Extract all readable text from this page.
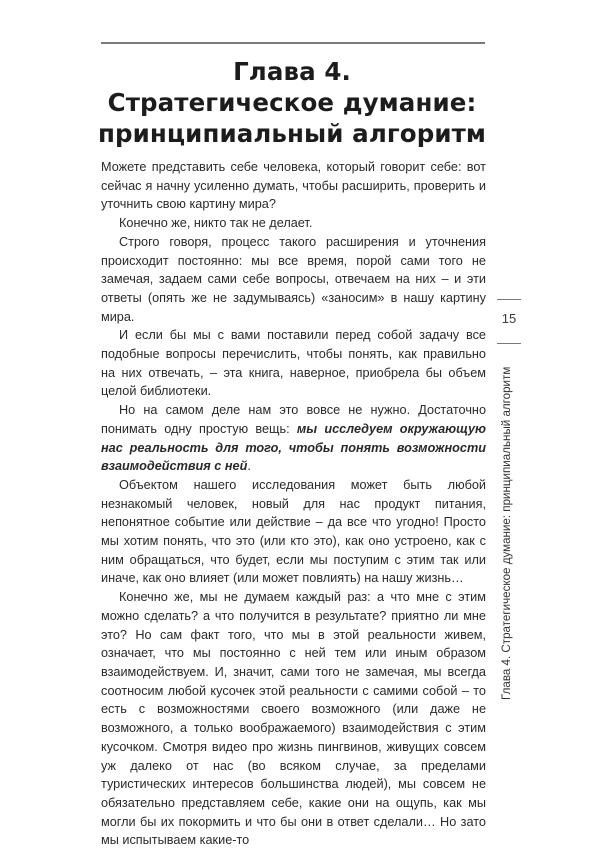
Глава 4.
Стратегическое думание:
принципиальный алгоритм

Можете представить себе человека, который говорит себе: вот сейчас я начну усиленно думать, чтобы расширить, проверить и уточнить свою картину мира?

Конечно же, никто так не делает.

Строго говоря, процесс такого расширения и уточнения происходит постоянно: мы все время, порой сами того не замечая, задаем сами себе вопросы, отвечаем на них – и эти ответы (опять же не задумываясь) «заносим» в нашу картину мира.

И если бы мы с вами поставили перед собой задачу все подобные вопросы перечислить, чтобы понять, как правильно на них отвечать, – эта книга, наверное, приобрела бы объем целой библиотеки.

Но на самом деле нам это вовсе не нужно. Достаточно понимать одну простую вещь: мы исследуем окружающую нас реальность для того, чтобы понять возможности взаимодействия с ней.

Объектом нашего исследования может быть любой незнакомый человек, новый для нас продукт питания, непонятное событие или действие – да все что угодно! Просто мы хотим понять, что это (или кто это), как оно устроено, как с ним обращаться, что будет, если мы поступим с этим так или иначе, как оно влияет (или может повлиять) на нашу жизнь…

Конечно же, мы не думаем каждый раз: а что мне с этим можно сделать? а что получится в результате? приятно ли мне это? Но сам факт того, что мы в этой реальности живем, означает, что мы постоянно с ней тем или иным образом взаимодействуем. И, значит, сами того не замечая, мы всегда соотносим любой кусочек этой реальности с самими собой – то есть с возможностями своего возможного (или даже не возможного, а только воображаемого) взаимодействия с этим кусочком. Смотря видео про жизнь пингвинов, живущих совсем уж далеко от нас (во всяком случае, за пределами туристических интересов большинства людей), мы совсем не обязательно представляем себе, какие они на ощупь, как мы могли бы их покормить и что бы они в ответ сделали… Но зато мы испытываем какие-то

15
Глава 4. Стратегическое думание: принципиальный алгоритм
